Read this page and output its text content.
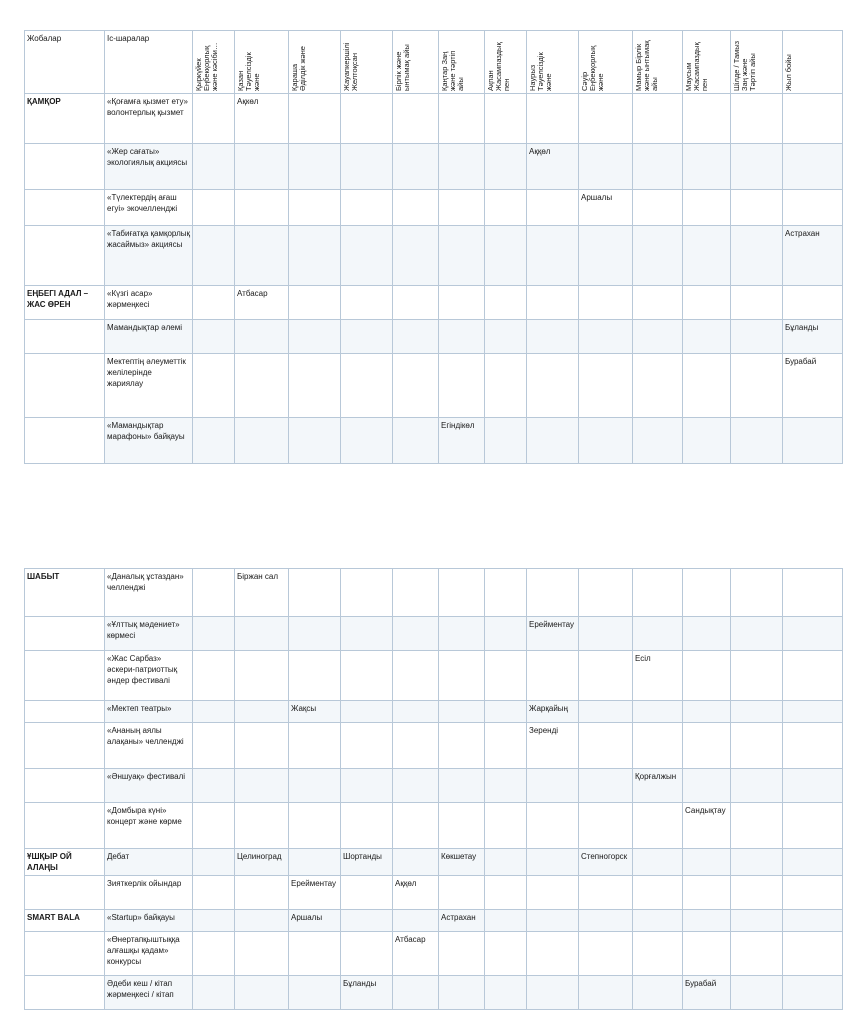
Жобалар	Іс-шаралар	Қыркүйек Еңбекқорлық және кәсіби…	Қазан Тәуелсіздік және	Қараша Әділдік және	Жауапкершілі Желтоқсан	Бірлік және ынтымақ айы	Қаңтар Заң және тәртіп айы	Ақпан Жасампаздық пен	Наурыз Тәуелсіздік және	Сәуір Еңбекқорлық және	Мамыр Бірлік және ынтымақ айы	Маусым Жасампаздық пен	Шілде / Тамыз Заң және Тәртіп айы	Жыл бойы

ҚАМҚОР	«Қоғамға қызмет ету» волонтерлық қызмет		Ақкөл											
	«Жер сағаты» экологиялық акциясы								Аққөл					
	«Түлектердің ағаш егуі» экочелленджі									Аршалы				
	«Табиғатқа қамқорлық жасаймыз» акциясы													Астрахан
ЕҢБЕГІ АДАЛ – ЖАС ӨРЕН	«Күзгі асар» жәрмеңкесі		Атбасар											
	Мамандықтар әлемі													Бұланды
	Мектептің әлеуметтік желілерінде жариялау													Бурабай
	«Мамандықтар марафоны» байқауы						Егіндікөл							
ШАБЫТ	«Даналық ұстаздан» челленджі		Біржан сал											
	«Ұлттық мәдениет» көрмесі								Ерейментау					
	«Жас Сарбаз» әскери-патриоттық әндер фестивалі										Есіл			
	«Мектеп театры»			Жақсы					Жарқайың					
	«Ананың аялы алақаны» челленджі								Зеренді					
	«Әншуақ» фестивалі										Қорғалжын			
	«Домбыра күні» концерт және көрме											Сандықтау		
ҰШҚЫР ОЙ АЛАҢЫ	Дебат		Целиноград		Шортанды		Көкшетау			Степногорск				
	Зияткерлік ойындар			Ерейментау		Аққөл								
SMART BALA	«Startup» байқауы			Аршалы			Астрахан							
	«Өнертапқыштыққа алғашқы қадам» конкурсы					Атбасар								
	Әдеби кеш / кітап жәрмеңкесі / кітап				Бұланды							Бурабай		
